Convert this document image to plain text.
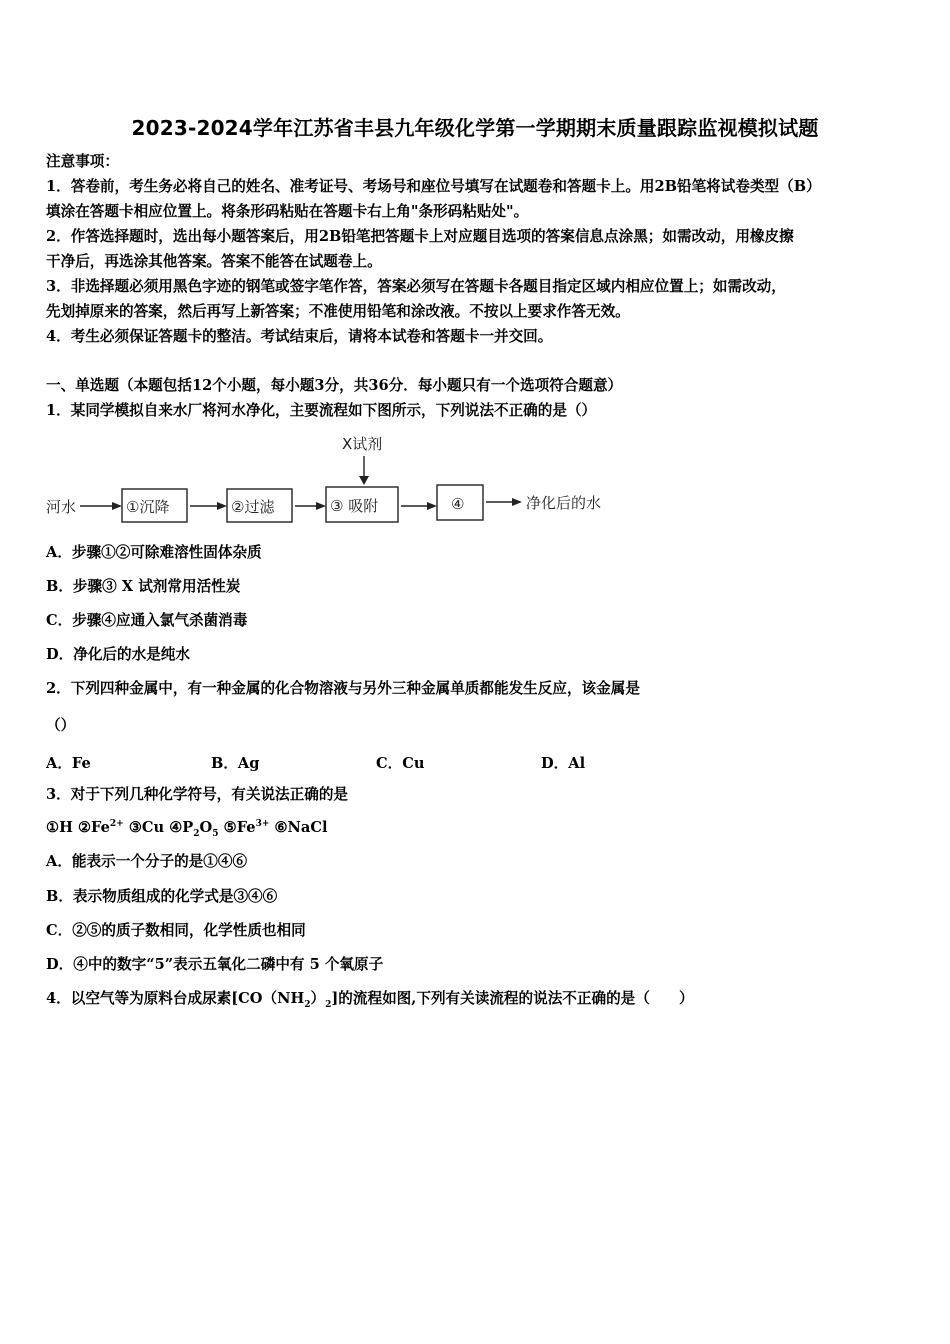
2023-2024学年江苏省丰县九年级化学第一学期期末质量跟踪监视模拟试题
注意事项：
1．答卷前，考生务必将自己的姓名、准考证号、考场号和座位号填写在试题卷和答题卡上。用2B铅笔将试卷类型（B）
填涂在答题卡相应位置上。将条形码粘贴在答题卡右上角"条形码粘贴处"。
2．作答选择题时，选出每小题答案后，用2B铅笔把答题卡上对应题目选项的答案信息点涂黑；如需改动，用橡皮擦
干净后，再选涂其他答案。答案不能答在试题卷上。
3．非选择题必须用黑色字迹的钢笔或签字笔作答，答案必须写在答题卡各题目指定区域内相应位置上；如需改动，
先划掉原来的答案，然后再写上新答案；不准使用铅笔和涂改液。不按以上要求作答无效。
4．考生必须保证答题卡的整洁。考试结束后，请将本试卷和答题卡一并交回。
一、单选题（本题包括12个小题，每小题3分，共36分．每小题只有一个选项符合题意）
1．某同学模拟自来水厂将河水净化，主要流程如下图所示，下列说法不正确的是（）
X试剂
河水	①沉降	②过滤	③ 吸附	④	净化后的水
A．步骤①②可除难溶性固体杂质
B．步骤③ X 试剂常用活性炭
C．步骤④应通入氯气杀菌消毒
D．净化后的水是纯水
2．下列四种金属中，有一种金属的化合物溶液与另外三种金属单质都能发生反应，该金属是
（）
A．Fe	B．Ag	C．Cu	D．Al
3．对于下列几种化学符号，有关说法正确的是
①H $②Fe^{2+}$ ③Cu $④P_2O_5$ $⑤Fe^{3+}$ ⑥NaCl
A．能表示一个分子的是①④⑥
B．表示物质组成的化学式是③④⑥
C．②⑤的质子数相同，化学性质也相同
D．④中的数字“5”表示五氧化二磷中有 5 个氧原子
4．以空气等为原料台成尿素$[CO(NH_2)_2]$的流程如图,下列有关读流程的说法不正确的是（　　）
